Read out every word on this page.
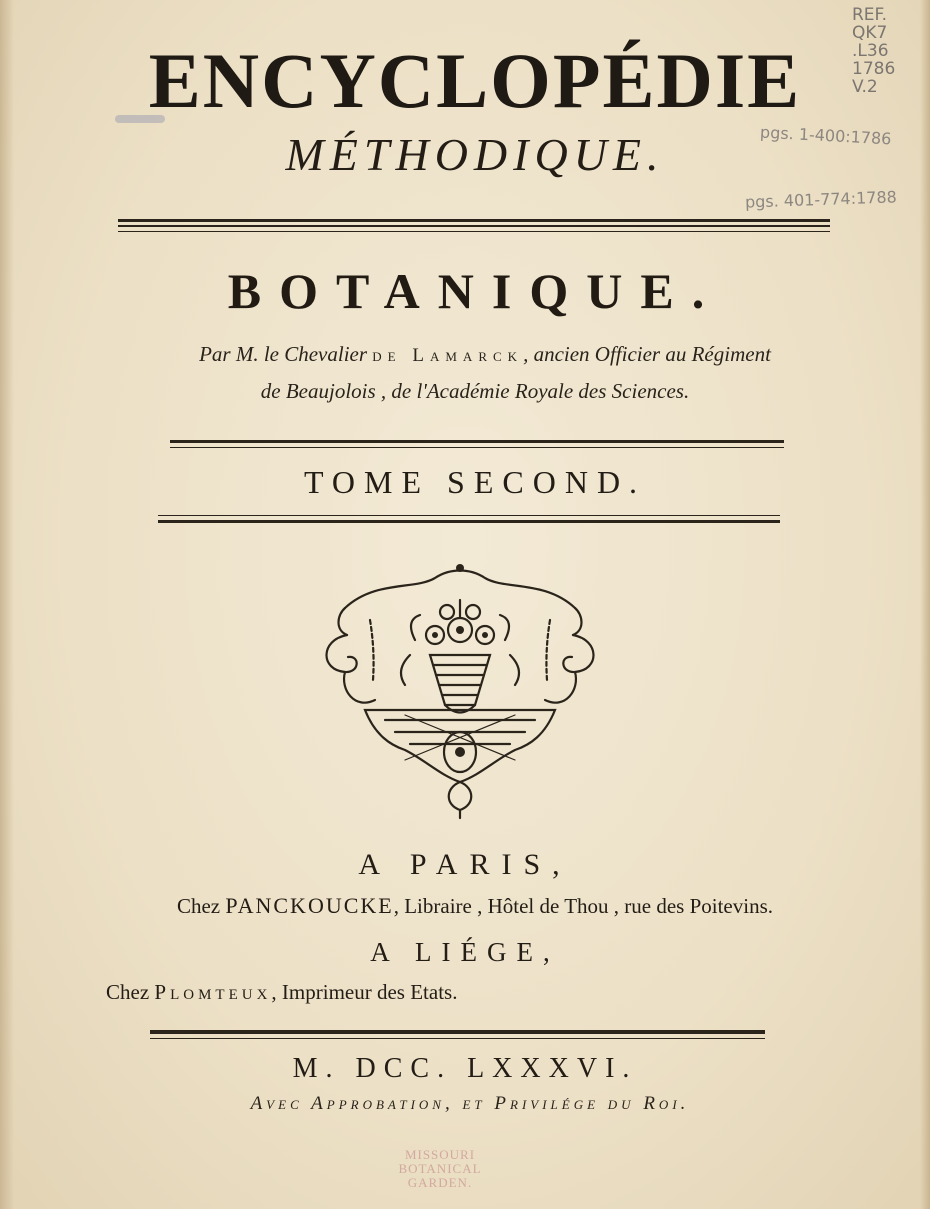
ENCYCLOPÉDIE
MÉTHODIQUE.
BOTANIQUE.
Par M. le Chevalier de Lamarck, ancien Officier au Régiment
de Beaujolois , de l'Académie Royale des Sciences.
TOME SECOND.
A PARIS,
Chez PANCKOUCKE, Libraire , Hôtel de Thou , rue des Poitevins.
A LIÉGE,
Chez Plomteux, Imprimeur des Etats.
M. DCC. LXXXVI.
Avec Approbation, et Privilége du Roi.
REF.
QK7
.L36
1786
V.2
pgs. 1-400:1786
pgs. 401-774:1788
MISSOURI
BOTANICAL
GARDEN.
